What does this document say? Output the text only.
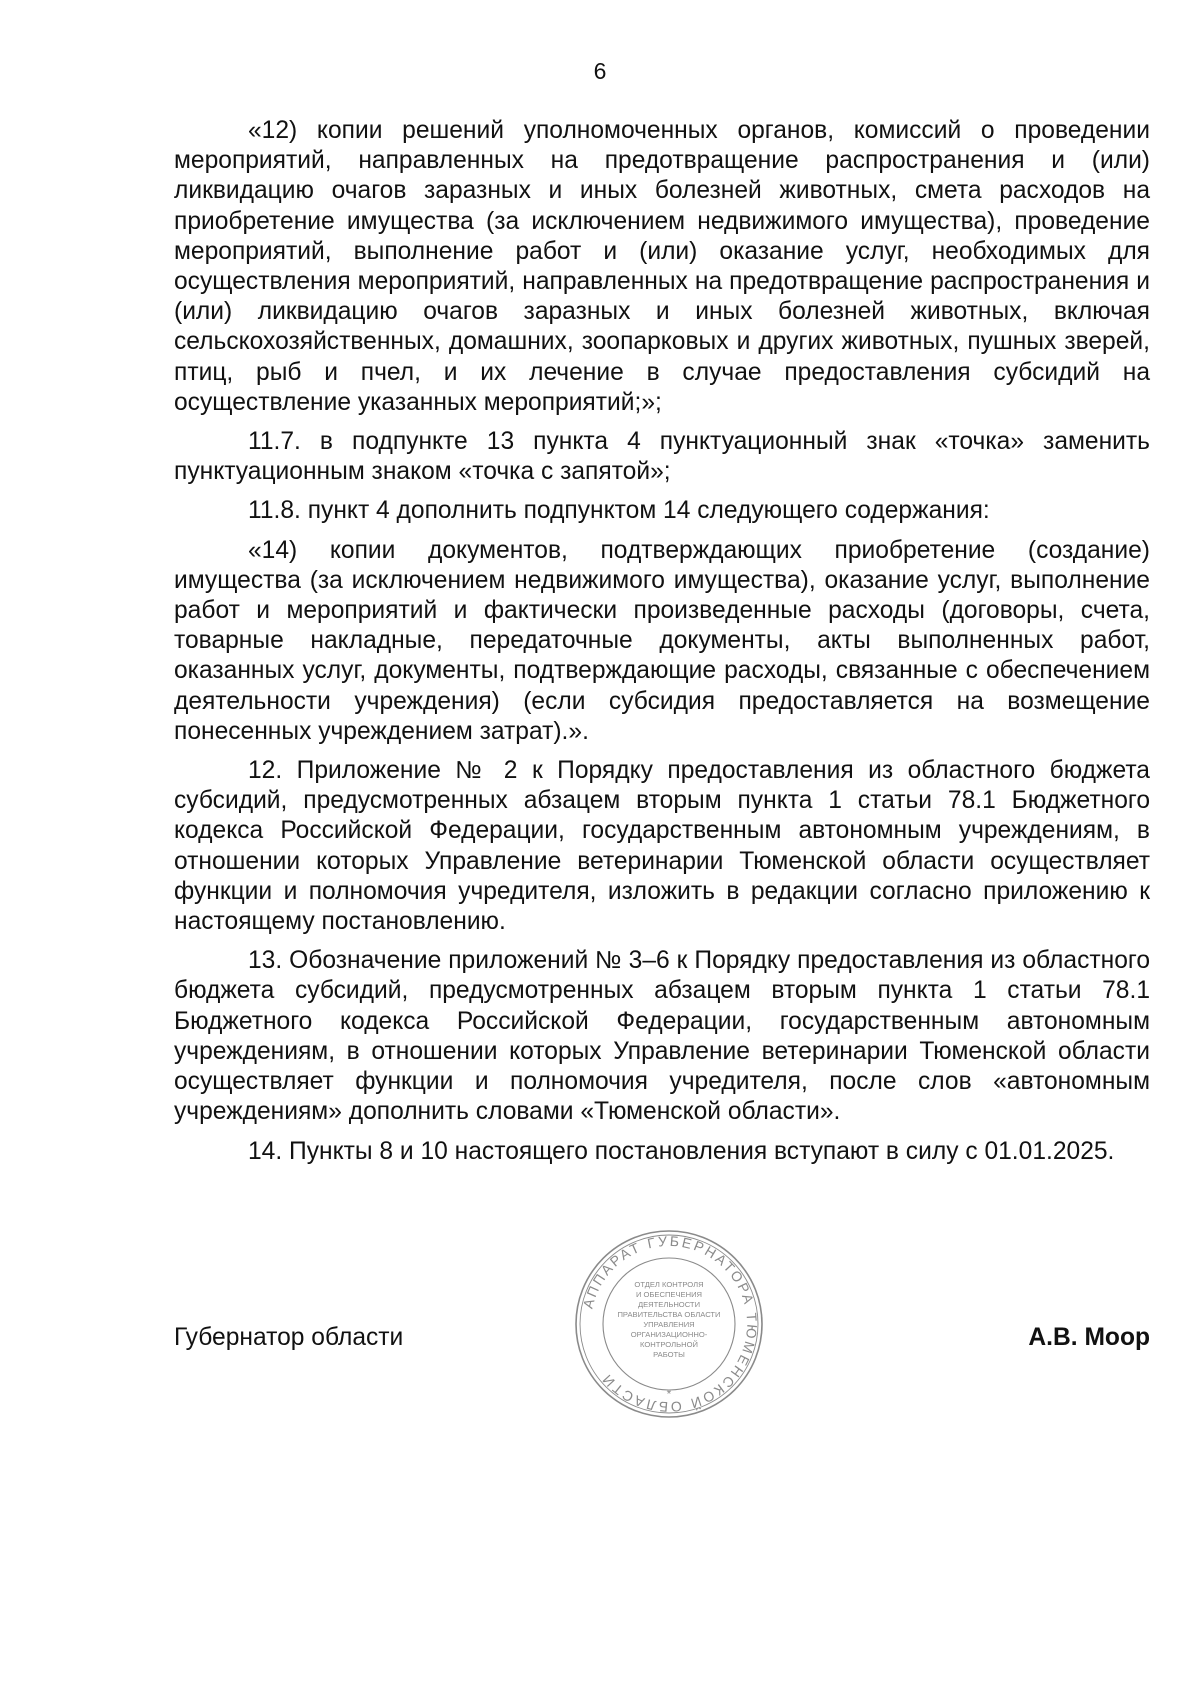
6

«12) копии решений уполномоченных органов, комиссий о проведении мероприятий, направленных на предотвращение распространения и (или) ликвидацию очагов заразных и иных болезней животных, смета расходов на приобретение имущества (за исключением недвижимого имущества), проведение мероприятий, выполнение работ и (или) оказание услуг, необходимых для осуществления мероприятий, направленных на предотвращение распространения и (или) ликвидацию очагов заразных и иных болезней животных, включая сельскохозяйственных, домашних, зоопарковых и других животных, пушных зверей, птиц, рыб и пчел, и их лечение в случае предоставления субсидий на осуществление указанных мероприятий;»;

11.7. в подпункте 13 пункта 4 пунктуационный знак «точка» заменить пунктуационным знаком «точка с запятой»;

11.8. пункт 4 дополнить подпунктом 14 следующего содержания:

«14) копии документов, подтверждающих приобретение (создание) имущества (за исключением недвижимого имущества), оказание услуг, выполнение работ и мероприятий и фактически произведенные расходы (договоры, счета, товарные накладные, передаточные документы, акты выполненных работ, оказанных услуг, документы, подтверждающие расходы, связанные с обеспечением деятельности учреждения) (если субсидия предоставляется на возмещение понесенных учреждением затрат).».

12. Приложение № 2 к Порядку предоставления из областного бюджета субсидий, предусмотренных абзацем вторым пункта 1 статьи 78.1 Бюджетного кодекса Российской Федерации, государственным автономным учреждениям, в отношении которых Управление ветеринарии Тюменской области осуществляет функции и полномочия учредителя, изложить в редакции согласно приложению к настоящему постановлению.

13. Обозначение приложений № 3–6 к Порядку предоставления из областного бюджета субсидий, предусмотренных абзацем вторым пункта 1 статьи 78.1 Бюджетного кодекса Российской Федерации, государственным автономным учреждениям, в отношении которых Управление ветеринарии Тюменской области осуществляет функции и полномочия учредителя, после слов «автономным учреждениям» дополнить словами «Тюменской области».

14. Пункты 8 и 10 настоящего постановления вступают в силу с 01.01.2025.

Губернатор области	А.В. Моор
АППАРАТ ГУБЕРНАТОРА ТЮМЕНСКОЙ ОБЛАСТИ
ОТДЕЛ КОНТРОЛЯ
И ОБЕСПЕЧЕНИЯ
ДЕЯТЕЛЬНОСТИ
ПРАВИТЕЛЬСТВА ОБЛАСТИ
УПРАВЛЕНИЯ
ОРГАНИЗАЦИОННО-
КОНТРОЛЬНОЙ
РАБОТЫ
*
